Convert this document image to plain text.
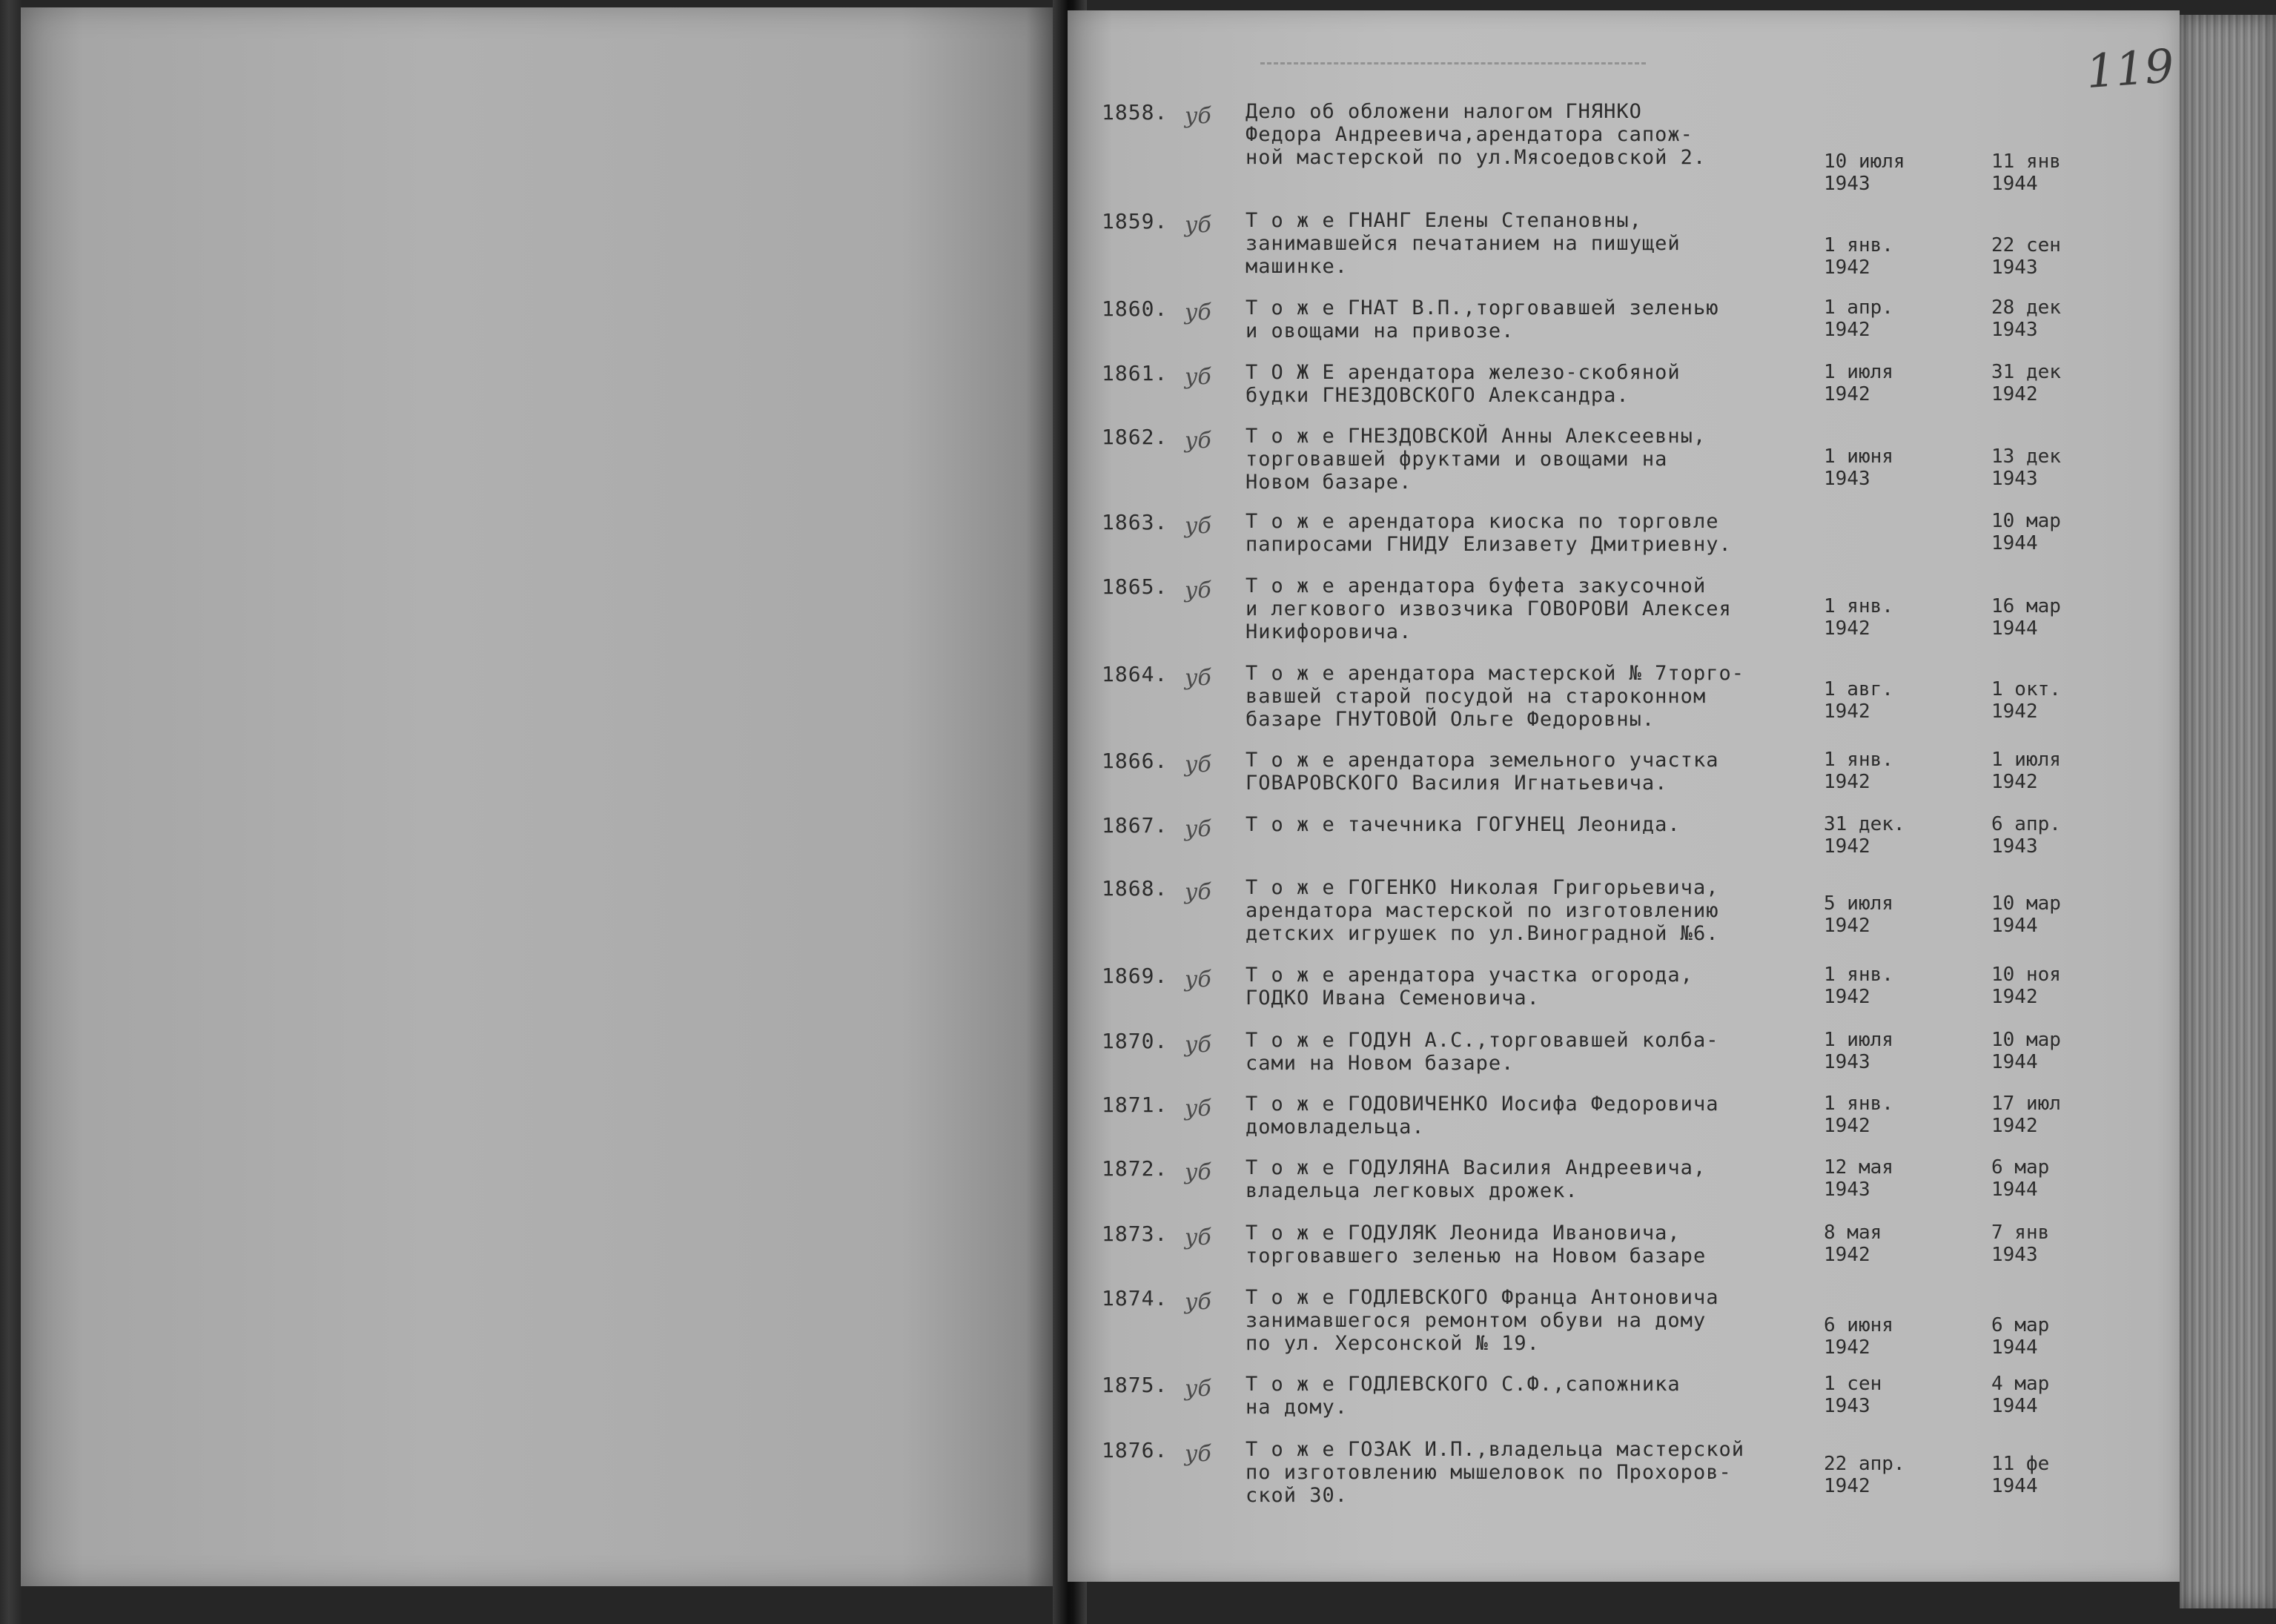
119
1858. уб Дело об обложени налогом ГНЯНКО
Федора Андреевича,арендатора сапож-
ной мастерской по ул.Мясоедовской 2.	10 июля
1943
11 янв
1944
1859. уб Т о ж е ГНАНГ Елены Степановны,
занимавшейся печатанием на пишущей
машинке.
1 янв.
1942
22 сен
1943
1860. уб Т о ж е ГНАТ В.П.,торговавшей зеленью
и овощами на привозе.
1 апр.
1942
28 дек
1943
1861. уб Т О Ж Е арендатора железо-скобяной
будки ГНЕЗДОВСКОГО Александра.
1 июля
1942
31 дек
1942
1862. уб Т о ж е ГНЕЗДОВСКОЙ Анны Алексеевны,
торговавшей фруктами и овощами на
Новом базаре.
1 июня
1943
13 дек
1943
1863. уб Т о ж е арендатора киоска по торговле
папиросами ГНИДУ Елизавету Дмитриевну.
10 мар
1944
1865. уб Т о ж е арендатора буфета закусочной
и легкового извозчика ГОВОРОВИ Алексея
Никифоровича.
1 янв.
1942
16 мар
1944
1864. уб Т о ж е арендатора мастерской № 7торго-
вавшей старой посудой на староконном
базаре ГНУТОВОЙ Ольге Федоровны.
1 авг.
1942
1 окт.
1942
1866. уб Т о ж е арендатора земельного участка
ГОВАРОВСКОГО Василия Игнатьевича.
1 янв.
1942
1 июля
1942
1867. уб Т о ж е тачечника ГОГУНЕЦ Леонида.	31 дек.
1942
6 апр.
1943
1868. уб Т о ж е ГОГЕНКО Николая Григорьевича,
арендатора мастерской по изготовлению
детских игрушек по ул.Виноградной №6.
5 июля
1942
10 мар
1944
1869. уб Т о ж е арендатора участка огорода,
ГОДКО Ивана Семеновича.
1 янв.
1942
10 ноя
1942
1870. уб Т о ж е ГОДУН А.С.,торговавшей колба-
сами на Новом базаре.
1 июля
1943
10 мар
1944
1871. уб Т о ж е ГОДОВИЧЕНКО Иосифа Федоровича
домовладельца.
1 янв.
1942
17 июл
1942
1872. уб Т о ж е ГОДУЛЯНА Василия Андреевича,
владельца легковых дрожек.
12 мая
1943
6 мар
1944
1873. уб Т о ж е ГОДУЛЯК Леонида Ивановича,
торговавшего зеленью на Новом базаре
8 мая
1942
7 янв
1943
1874. уб Т о ж е ГОДЛЕВСКОГО Франца Антоновича
занимавшегося ремонтом обуви на дому
по ул. Херсонской № 19.
6 июня
1942
6 мар
1944
1875. уб Т о ж е ГОДЛЕВСКОГО С.Ф.,сапожника
на дому.
1 сен
1943
4 мар
1944
1876. уб Т о ж е ГОЗАК И.П.,владельца мастерской
по изготовлению мышеловок по Прохоров-
ской 30.
22 апр.
1942
11 фе
1944
